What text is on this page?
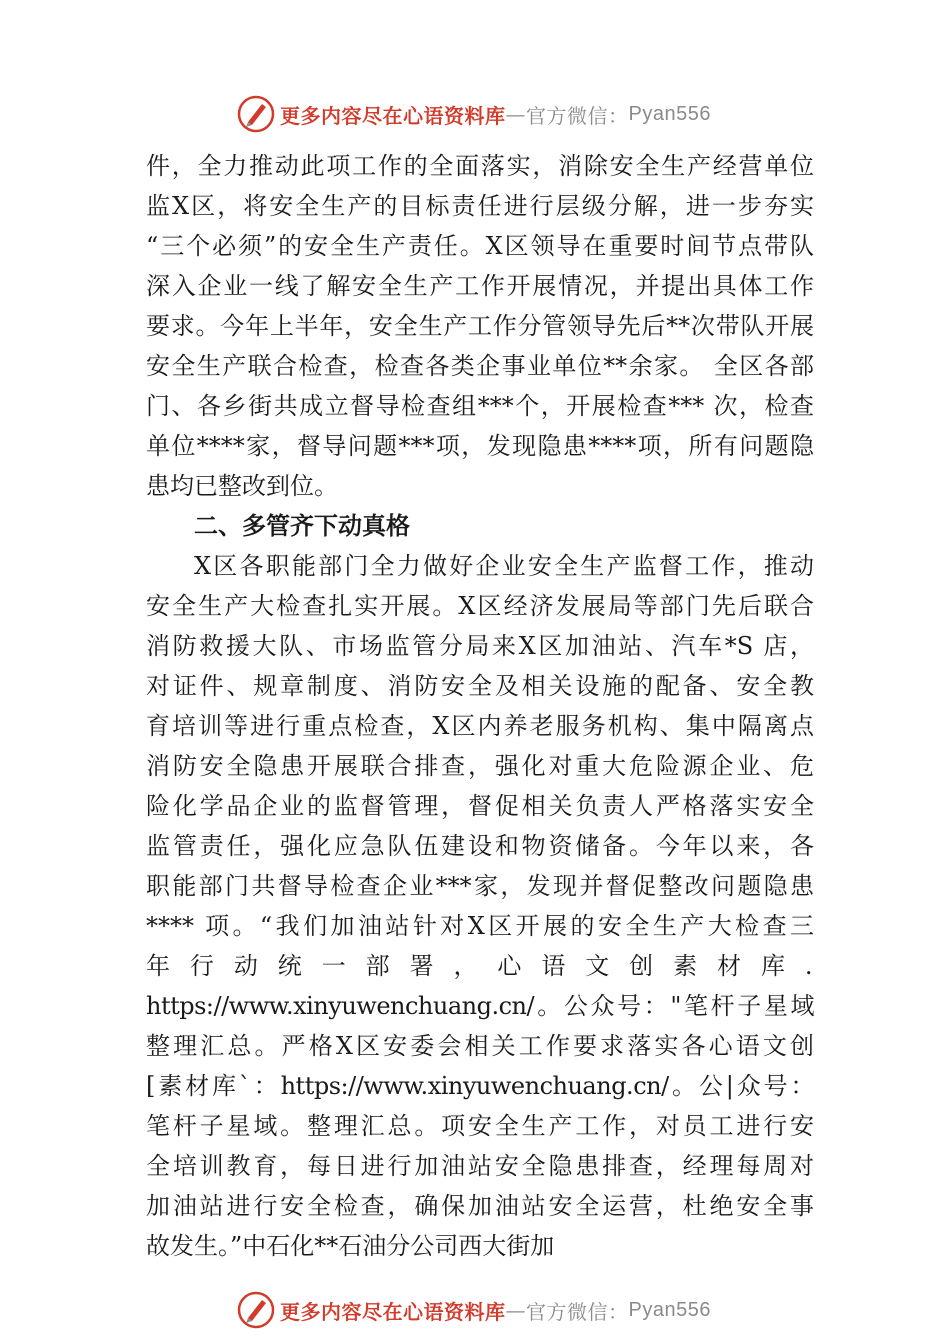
更多内容尽在心语资料库 — 官方微信： Pyan556
件，全力推动此项工作的全面落实，消除安全生产经营单位
监X区，将安全生产的目标责任进行层级分解，进一步夯实
“三个必须”的安全生产责任。X区领导在重要时间节点带队
深入企业一线了解安全生产工作开展情况，并提出具体工作
要求。今年上半年，安全生产工作分管领导先后**次带队开展
安全生产联合检查，检查各类企事业单位**余家。 全区各部
门、各乡街共成立督导检查组***个，开展检查*** 次，检查
单位****家，督导问题***项，发现隐患****项，所有问题隐
患均已整改到位。
二、多管齐下动真格
X区各职能部门全力做好企业安全生产监督工作，推动
安全生产大检查扎实开展。X区经济发展局等部门先后联合
消防救援大队、市场监管分局来X区加油站、汽车*S 店，
对证件、规章制度、消防安全及相关设施的配备、安全教
育培训等进行重点检查，X区内养老服务机构、集中隔离点
消防安全隐患开展联合排查，强化对重大危险源企业、危
险化学品企业的监督管理，督促相关负责人严格落实安全
监管责任，强化应急队伍建设和物资储备。今年以来，各
职能部门共督导检查企业***家，发现并督促整改问题隐患
**** 项。“我们加油站针对X区开展的安全生产大检查三
年 行 动 统 一 部 署 ， 心 语 文 创 素 材 库 .
https://www.xinyuwenchuang.cn/。公众号："笔杆子星域
整理汇总。严格X区安委会相关工作要求落实各心语文创
[素材库`：https://www.xinyuwenchuang.cn/。公|众号：
笔杆子星域。整理汇总。项安全生产工作，对员工进行安
全培训教育，每日进行加油站安全隐患排查，经理每周对
加油站进行安全检查，确保加油站安全运营，杜绝安全事
故发生。”中石化**石油分公司西大街加
更多内容尽在心语资料库 — 官方微信： Pyan556
